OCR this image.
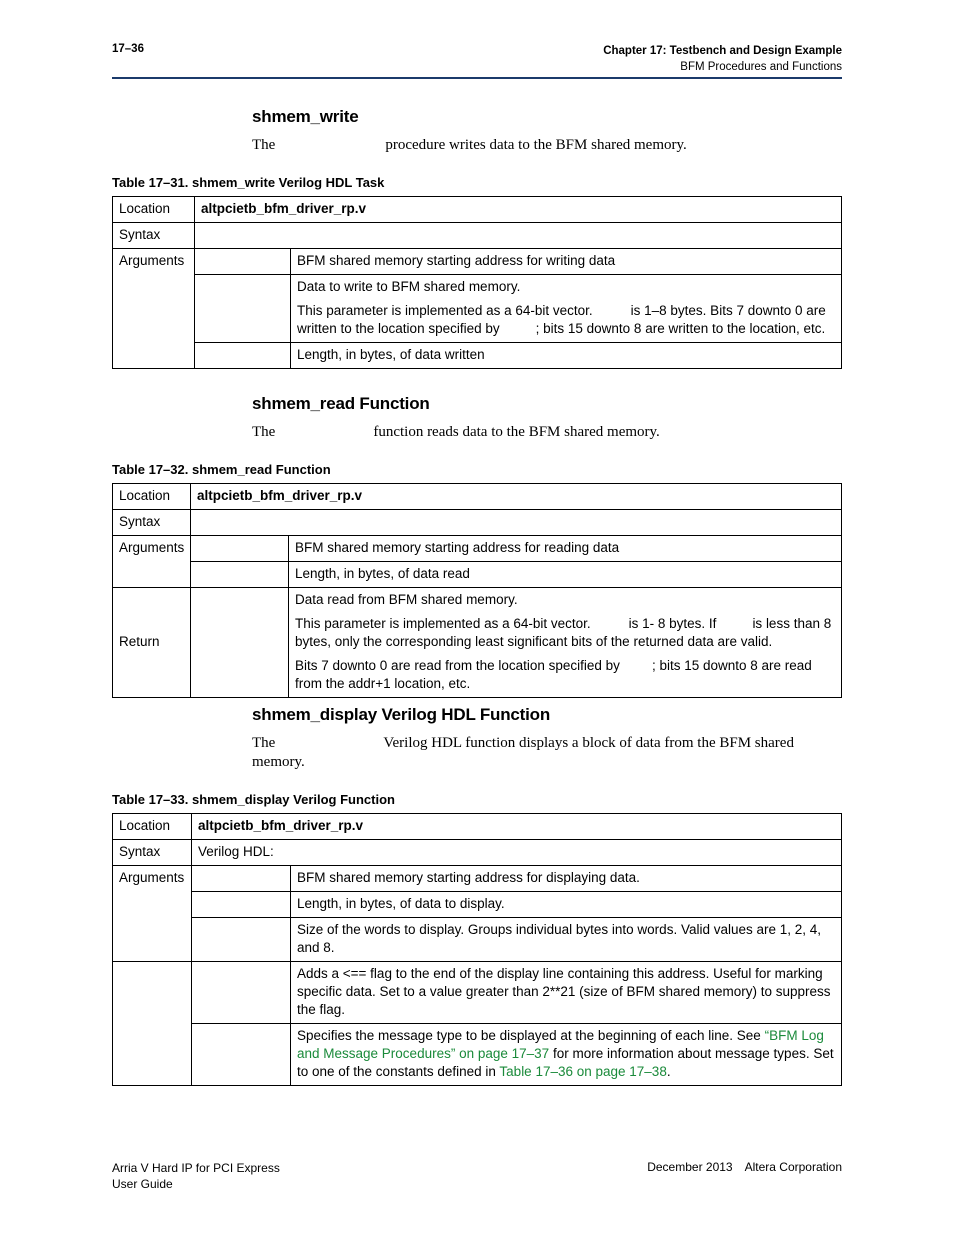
17–36	Chapter 17: Testbench and Design Example
BFM Procedures and Functions
shmem_write
The	procedure writes data to the BFM shared memory.
Table 17–31. shmem_write Verilog HDL Task
Location	altpcietb_bfm_driver_rp.v	
Syntax		
Arguments		BFM shared memory starting address for writing data

		Data to write to BFM shared memory.

This parameter is implemented as a 64-bit vector. is 1–8 bytes. Bits 7 downto 0 are written to the location specified by ; bits 15 downto 8 are written to the location, etc.

		Length, in bytes, of data written
shmem_read Function
The	function reads data to the BFM shared memory.
Table 17–32. shmem_read Function
Location	altpcietb_bfm_driver_rp.v	
Syntax		
Arguments		BFM shared memory starting address for reading data
		Length, in bytes, of data read
Return		Data read from BFM shared memory.

This parameter is implemented as a 64-bit vector. is 1- 8 bytes. If is less than 8 bytes, only the corresponding least significant bits of the returned data are valid.

Bits 7 downto 0 are read from the location specified by ; bits 15 downto 8 are read from the addr+1 location, etc.

shmem_display Verilog HDL Function
The	Verilog HDL function displays a block of data from the BFM shared memory.
Table 17–33. shmem_display Verilog Function
Location	altpcietb_bfm_driver_rp.v	
Syntax	Verilog HDL:	
Arguments		BFM shared memory starting address for displaying data.
		Length, in bytes, of data to display.
		Size of the words to display. Groups individual bytes into words. Valid values are 1, 2, 4, and 8.
		Adds a <== flag to the end of the display line containing this address. Useful for marking specific data. Set to a value greater than 2**21 (size of BFM shared memory) to suppress the flag.
		Specifies the message type to be displayed at the beginning of each line. See “BFM Log and Message Procedures” on page 17–37 for more information about message types. Set to one of the constants defined in Table 17–36 on page 17–38.
Arria V Hard IP for PCI Express
User Guide
December 2013 Altera Corporation
